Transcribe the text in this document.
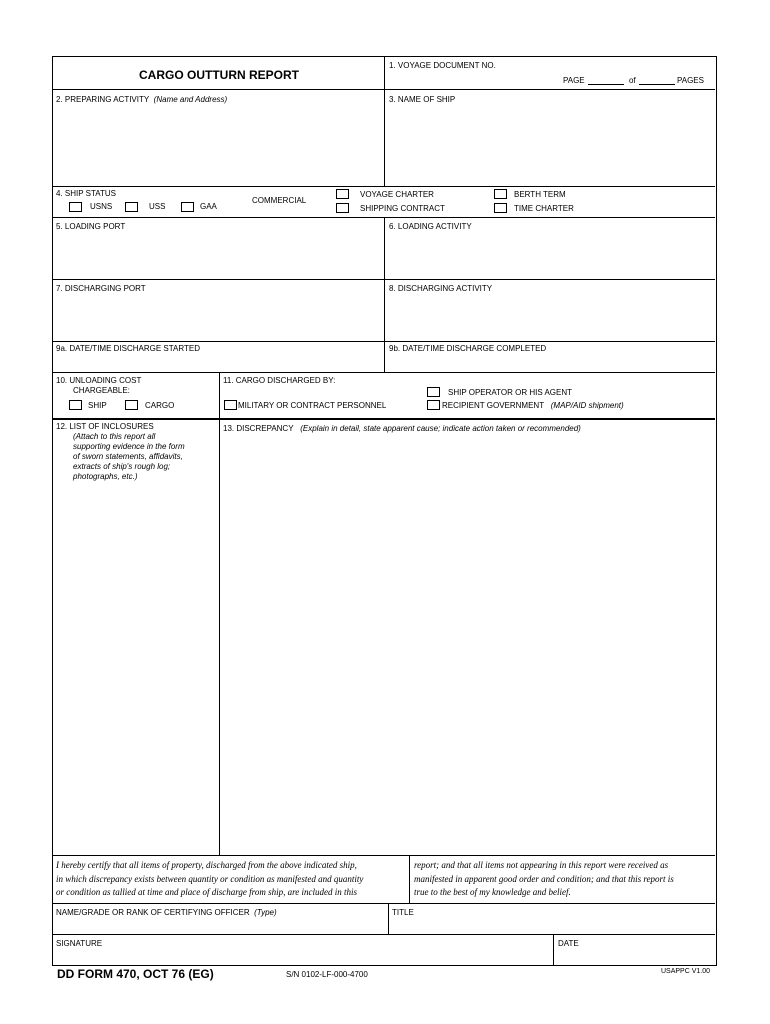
CARGO OUTTURN REPORT
1. VOYAGE DOCUMENT NO.
PAGE	of	PAGES
2. PREPARING ACTIVITY (Name and Address)	3. NAME OF SHIP
4. SHIP STATUS
USNS	USS	GAA
COMMERCIAL
VOYAGE CHARTER
SHIPPING CONTRACT
BERTH TERM
TIME CHARTER
5. LOADING PORT	6. LOADING ACTIVITY
7. DISCHARGING PORT	8. DISCHARGING ACTIVITY
9a. DATE/TIME DISCHARGE STARTED	9b. DATE/TIME DISCHARGE COMPLETED
10. UNLOADING COST
CHARGEABLE:
SHIP	CARGO
11. CARGO DISCHARGED BY:
MILITARY OR CONTRACT PERSONNEL
SHIP OPERATOR OR HIS AGENT
RECIPIENT GOVERNMENT (MAP/AID shipment)
12. LIST OF INCLOSURES
(Attach to this report all
supporting evidence in the form
of sworn statements, affidavits,
extracts of ship's rough log;
photographs, etc.)
13. DISCREPANCY (Explain in detail, state apparent cause; indicate action taken or recommended)
I hereby certify that all items of property, discharged from the above indicated ship,
in which discrepancy exists between quantity or condition as manifested and quantity
or condition as tallied at time and place of discharge from ship, are included in this
report; and that all items not appearing in this report were received as
manifested in apparent good order and condition; and that this report is
true to the best of my knowledge and belief.
NAME/GRADE OR RANK OF CERTIFYING OFFICER (Type)	TITLE
SIGNATURE	DATE
DD FORM 470, OCT 76 (EG)	S/N 0102-LF-000-4700	USAPPC V1.00
